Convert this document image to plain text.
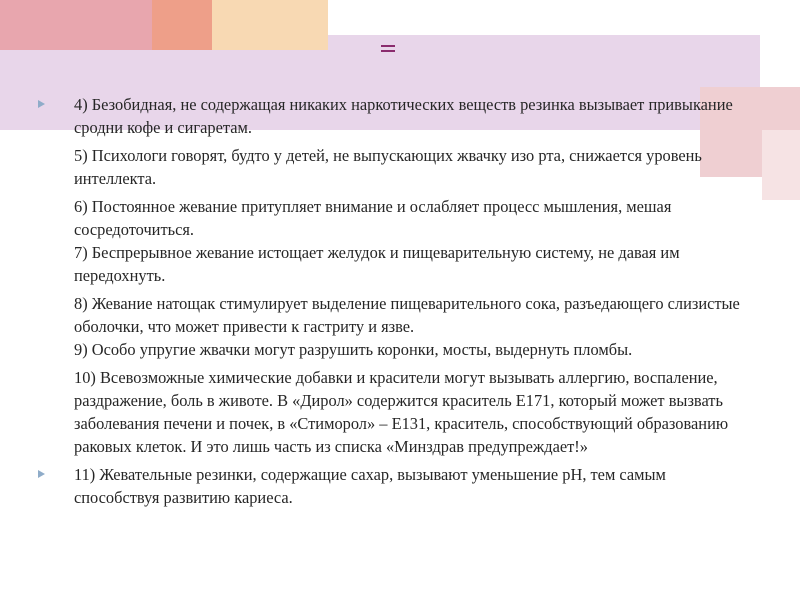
4) Безобидная, не содержащая никаких наркотических веществ резинка вызывает привыкание сродни кофе и сигаретам.

5) Психологи говорят, будто у детей, не выпускающих жвачку изо рта, снижается уровень интеллекта.

6) Постоянное жевание притупляет внимание и ослабляет процесс мышления, мешая сосредоточиться.

7) Беспрерывное жевание истощает желудок и пищеварительную систему, не давая им передохнуть.

8) Жевание натощак стимулирует выделение пищеварительного сока, разъедающего слизистые оболочки, что может привести к гастриту и язве.

9) Особо упругие жвачки могут разрушить коронки, мосты, выдернуть пломбы.

10) Всевозможные химические добавки и красители могут вызывать аллергию, воспаление, раздражение, боль в животе. В «Дирол» содержится краситель Е171, который может вызвать заболевания печени и почек, в «Стиморол» – Е131, краситель, способствующий образованию раковых клеток. И это лишь часть из списка «Минздрав предупреждает!»

11) Жевательные резинки, содержащие сахар, вызывают уменьшение pH, тем самым способствуя развитию кариеса.
